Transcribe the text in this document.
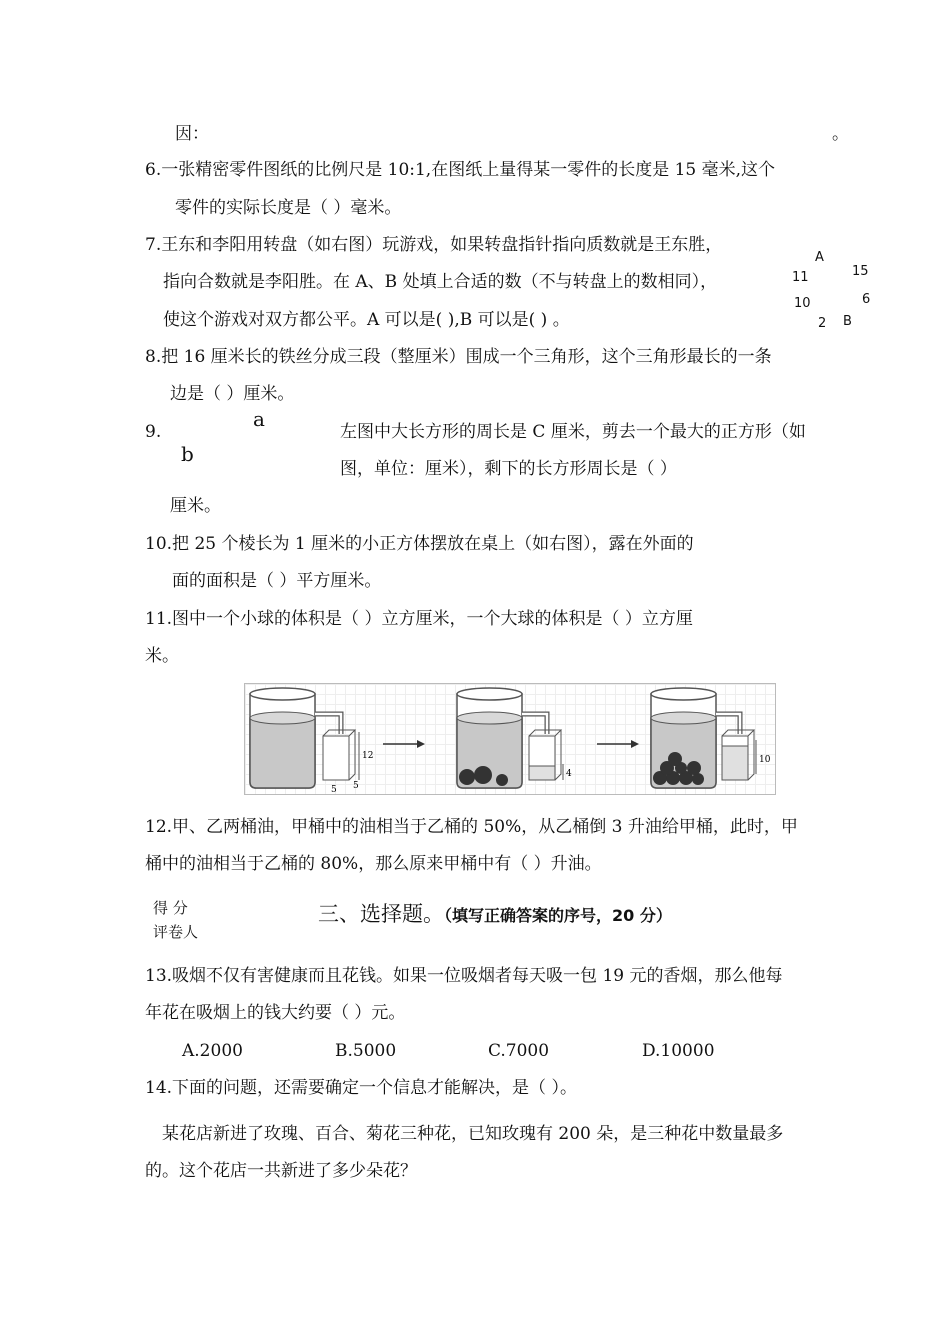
因：	。
6.一张精密零件图纸的比例尺是 10:1,在图纸上量得某一零件的长度是 15 毫米,这个
零件的实际长度是（ ）毫米。
7.王东和李阳用转盘（如右图）玩游戏，如果转盘指针指向质数就是王东胜，
指向合数就是李阳胜。在 A、B 处填上合适的数（不与转盘上的数相同），
使这个游戏对双方都公平。A 可以是( ),B 可以是( ) 。
A
15
11
10	6
2 B
8.把 16 厘米长的铁丝分成三段（整厘米）围成一个三角形，这个三角形最长的一条
边是（ ）厘米。
9.
a
b
左图中大长方形的周长是 C 厘米，剪去一个最大的正方形（如
图，单位：厘米），剩下的长方形周长是（ ）
厘米。
10.把 25 个棱长为 1 厘米的小正方体摆放在桌上（如右图），露在外面的
面的面积是（ ）平方厘米。
11.图中一个小球的体积是（ ）立方厘米，一个大球的体积是（ ）立方厘
米。
12
5 5
4
10
12.甲、乙两桶油，甲桶中的油相当于乙桶的 50%，从乙桶倒 3 升油给甲桶，此时，甲
桶中的油相当于乙桶的 80%，那么原来甲桶中有（ ）升油。
得 分
评卷人
三、选择题。（填写正确答案的序号，20 分）
13.吸烟不仅有害健康而且花钱。如果一位吸烟者每天吸一包 19 元的香烟，那么他每
年花在吸烟上的钱大约要（ ）元。
A.2000	B.5000	C.7000	D.10000
14.下面的问题，还需要确定一个信息才能解决，是（ ）。
某花店新进了玫瑰、百合、菊花三种花，已知玫瑰有 200 朵，是三种花中数量最多
的。这个花店一共新进了多少朵花？
